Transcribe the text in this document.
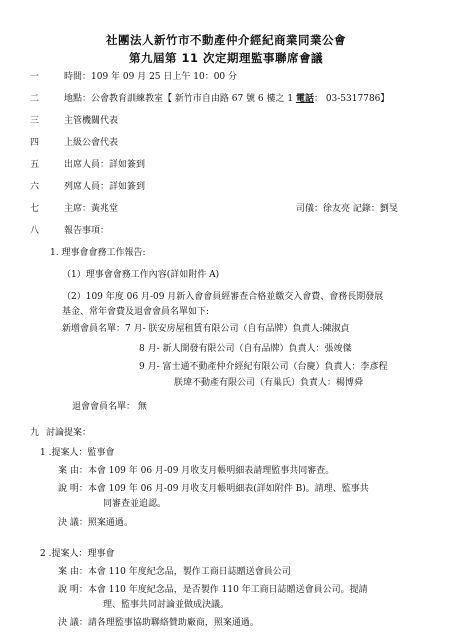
社團法人新竹市不動產仲介經紀商業同業公會
第九屆第 11 次定期理監事聯席會議
一	時間：109 年 09 月 25 日上午 10：00 分
二	地點：公會教育訓練教室【 新竹市自由路 67 號 6 樓之 1 電話： 03-5317786】
三	主管機關代表
四	上級公會代表
五	出席人員：詳如簽到
六	列席人員：詳如簽到
七	主席：黃兆堂	司儀：徐友亮 記錄：劉旻
八	報告事項：
1. 理事會會務工作報告:
（1）理事會會務工作內容(詳如附件 A)
（2）109 年度 06 月-09 月新入會會員經審查合格並繳交入會費、會務長期發展
基金、常年會費及退會會員名單如下:
新增會員名單：7 月- 朕安房屋租賃有限公司（自有品牌）負責人:陳淑貞
8 月- 新人開發有限公司（自有品牌）負責人：張竣傑
9 月- 富士通不動產仲介經紀有限公司（台慶）負責人：李彥程
朕瑋不動產有限公司（有巢氏）負責人：楊博舜
退會會員名單： 無
九 討論提案：
1 .提案人：監事會
案 由：本會 109 年 06 月-09 月收支月帳明細表請理監事共同審查。
說 明：本會 109 年 06 月-09 月收支月帳明細表(詳如附件 B)。請理、監事共
同審查並追認。
決 議：照案通過。
2 .提案人：理事會
案 由：本會 110 年度紀念品，製作工商日誌贈送會員公司
說 明：本會 110 年度紀念品，是否製作 110 年工商日誌贈送會員公司。提請
理、監事共同討論並做成決議。
決 議：請各理監事協助聯絡贊助廠商，照案通過。
